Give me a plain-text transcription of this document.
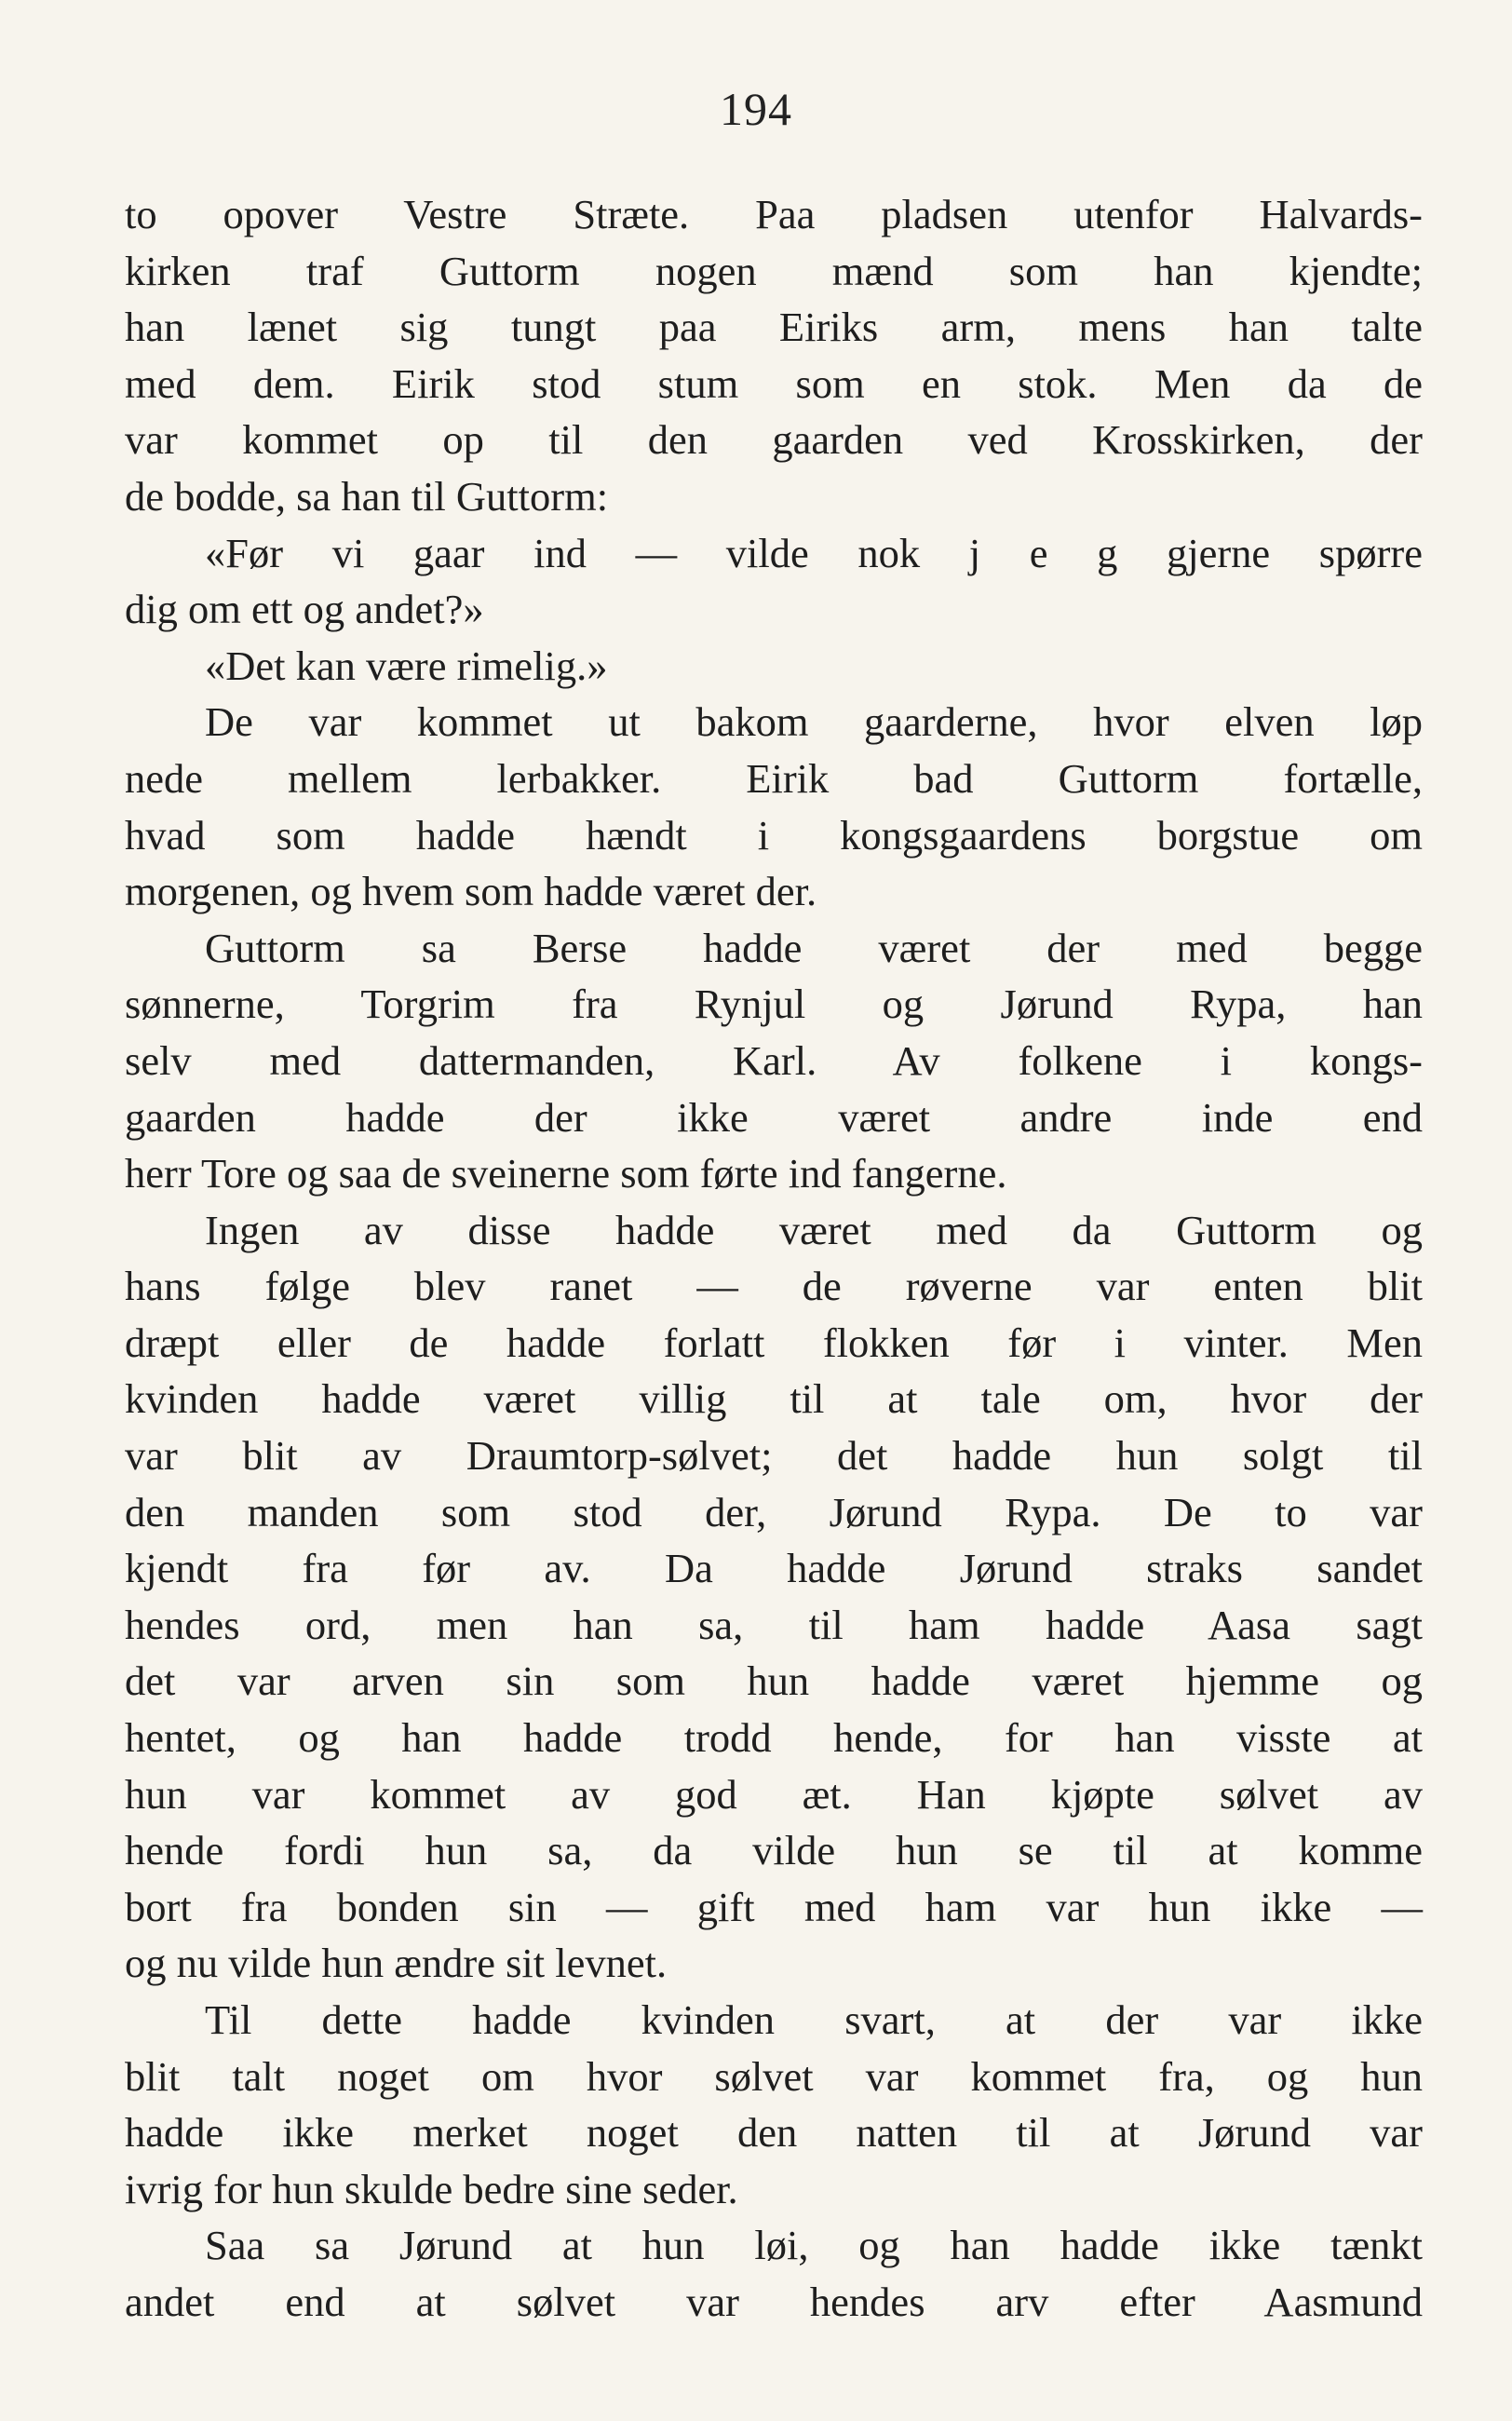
194
to opover Vestre Stræte. Paa pladsen utenfor Halvards-
kirken traf Guttorm nogen mænd som han kjendte;
han lænet sig tungt paa Eiriks arm, mens han talte
med dem. Eirik stod stum som en stok. Men da de
var kommet op til den gaarden ved Krosskirken, der
de bodde, sa han til Guttorm:
«Før vi gaar ind — vilde nok j e g gjerne spørre
dig om ett og andet?»
«Det kan være rimelig.»
De var kommet ut bakom gaarderne, hvor elven løp
nede mellem lerbakker. Eirik bad Guttorm fortælle,
hvad som hadde hændt i kongsgaardens borgstue om
morgenen, og hvem som hadde været der.
Guttorm sa Berse hadde været der med begge
sønnerne, Torgrim fra Rynjul og Jørund Rypa, han
selv med dattermanden, Karl. Av folkene i kongs-
gaarden hadde der ikke været andre inde end
herr Tore og saa de sveinerne som førte ind fangerne.
Ingen av disse hadde været med da Guttorm og
hans følge blev ranet — de røverne var enten blit
dræpt eller de hadde forlatt flokken før i vinter. Men
kvinden hadde været villig til at tale om, hvor der
var blit av Draumtorp-sølvet; det hadde hun solgt til
den manden som stod der, Jørund Rypa. De to var
kjendt fra før av. Da hadde Jørund straks sandet
hendes ord, men han sa, til ham hadde Aasa sagt
det var arven sin som hun hadde været hjemme og
hentet, og han hadde trodd hende, for han visste at
hun var kommet av god æt. Han kjøpte sølvet av
hende fordi hun sa, da vilde hun se til at komme
bort fra bonden sin — gift med ham var hun ikke —
og nu vilde hun ændre sit levnet.
Til dette hadde kvinden svart, at der var ikke
blit talt noget om hvor sølvet var kommet fra, og hun
hadde ikke merket noget den natten til at Jørund var
ivrig for hun skulde bedre sine seder.
Saa sa Jørund at hun løi, og han hadde ikke tænkt
andet end at sølvet var hendes arv efter Aasmund
